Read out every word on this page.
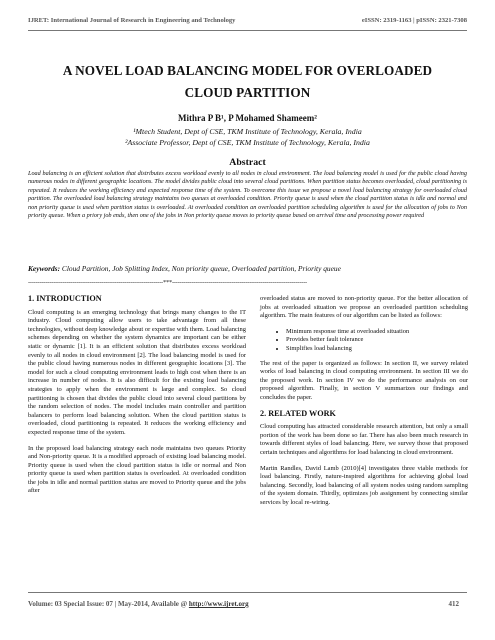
IJRET: International Journal of Research in Engineering and Technology	eISSN: 2319-1163 | pISSN: 2321-7308
A NOVEL LOAD BALANCING MODEL FOR OVERLOADED CLOUD PARTITION
Mithra P B¹, P Mohamed Shameem²
¹Mtech Student, Dept of CSE, TKM Institute of Technology, Kerala, India
²Associate Professor, Dept of CSE, TKM Institute of Technology, Kerala, India
Abstract
Load balancing is an efficient solution that distributes excess workload evenly to all nodes in cloud environment. The load balancing model is used for the public cloud having numerous nodes in different geographic locations. The model divides public cloud into several cloud partitions. When partition status becomes overloaded, cloud partitioning is repeated. It reduces the working efficiency and expected response time of the system. To overcome this issue we propose a novel load balancing strategy for overloaded cloud partition. The overloaded load balancing strategy maintains two queues at overloaded condition. Priority queue is used when the cloud partition status is idle and normal and non priority queue is used when partition status is overloaded. At overloaded condition an overloaded partition scheduling algorithm is used for the allocation of jobs to Non priority queue. When a priory job ends, then one of the jobs in Non priority queue moves to priority queue based on arrival time and processing power required
Keywords: Cloud Partition, Job Splitting Index, Non priority queue, Overloaded partition, Priority queue
----------------------------------------------------------------------***----------------------------------------------------------------------
1. INTRODUCTION

Cloud computing is an emerging technology that brings many changes to the IT industry. Cloud computing allow users to take advantage from all these technologies, without deep knowledge about or expertise with them. Load balancing schemes depending on whether the system dynamics are important can be either static or dynamic [1]. It is an efficient solution that distributes excess workload evenly to all nodes in cloud environment [2]. The load balancing model is used for the public cloud having numerous nodes in different geographic locations [3]. The model for such a cloud computing environment leads to high cost when there is an increase in number of nodes. It is also difficult for the existing load balancing strategies to apply when the environment is large and complex. So cloud partitioning is chosen that divides the public cloud into several cloud partitions by the random selection of nodes. The model includes main controller and partition balancers to perform load balancing solution. When the cloud partition status is overloaded, cloud partitioning is repeated. It reduces the working efficiency and expected response time of the system.

In the proposed load balancing strategy each node maintains two queues Priority and Non-priority queue. It is a modified approach of existing load balancing model. Priority queue is used when the cloud partition status is idle or normal and Non priority queue is used when partition status is overloaded. At overloaded condition the jobs in idle and normal partition status are moved to Priority queue and the jobs after

overloaded status are moved to non-priority queue. For the better allocation of jobs at overloaded situation we propose an overloaded partition scheduling algorithm. The main features of our algorithm can be listed as follows:

• Minimum response time at overloaded situation
• Provides better fault tolerance
• Simplifies load balancing

The rest of the paper is organized as follows: In section II, we survey related works of load balancing in cloud computing environment. In section III we do the proposed work. In section IV we do the performance analysis on our proposed algorithm. Finally, in section V summarizes our findings and concludes the paper.

2. RELATED WORK

Cloud computing has attracted considerable research attention, but only a small portion of the work has been done so far. There has also been much research in towards different styles of load balancing. Here, we survey those that proposed certain techniques and algorithms for load balancing in cloud environment.

Martin Randles, David Lamb (2010)[4] investigates three viable methods for load balancing. Firstly, nature-inspired algorithms for achieving global load balancing. Secondly, load balancing of all system nodes using random sampling of the system domain. Thirdly, optimizes job assignment by connecting similar services by local re-wiring.

Volume: 03 Special Issue: 07 | May-2014, Available @ http://www.ijret.org	412
